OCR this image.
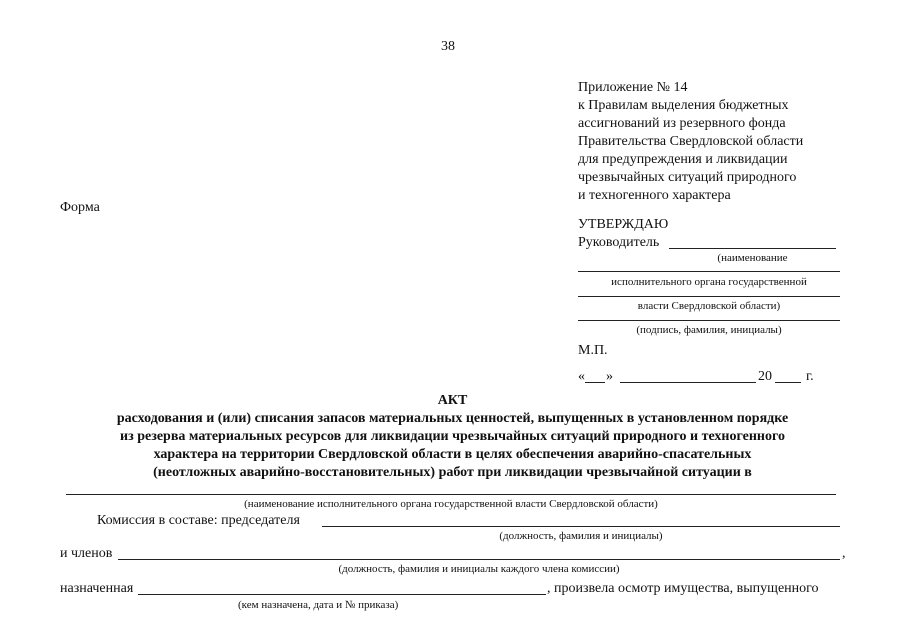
38
Приложение № 14
к Правилам выделения бюджетных
ассигнований из резервного фонда
Правительства Свердловской области
для предупреждения и ликвидации
чрезвычайных ситуаций природного
и техногенного характера
Форма
УТВЕРЖДАЮ
Руководитель
(наименование
исполнительного органа государственной
власти Свердловской области)
(подпись, фамилия, инициалы)
М.П.
« »	20 г.
АКТ
расходования и (или) списания запасов материальных ценностей, выпущенных в установленном порядке
из резерва материальных ресурсов для ликвидации чрезвычайных ситуаций природного и техногенного
характера на территории Свердловской области в целях обеспечения аварийно-спасательных
(неотложных аварийно-восстановительных) работ при ликвидации чрезвычайной ситуации в
(наименование исполнительного органа государственной власти Свердловской области)
Комиссия в составе: председателя
(должность, фамилия и инициалы)
и членов	,
(должность, фамилия и инициалы каждого члена комиссии)
назначенная	, произвела осмотр имущества, выпущенного
(кем назначена, дата и № приказа)
